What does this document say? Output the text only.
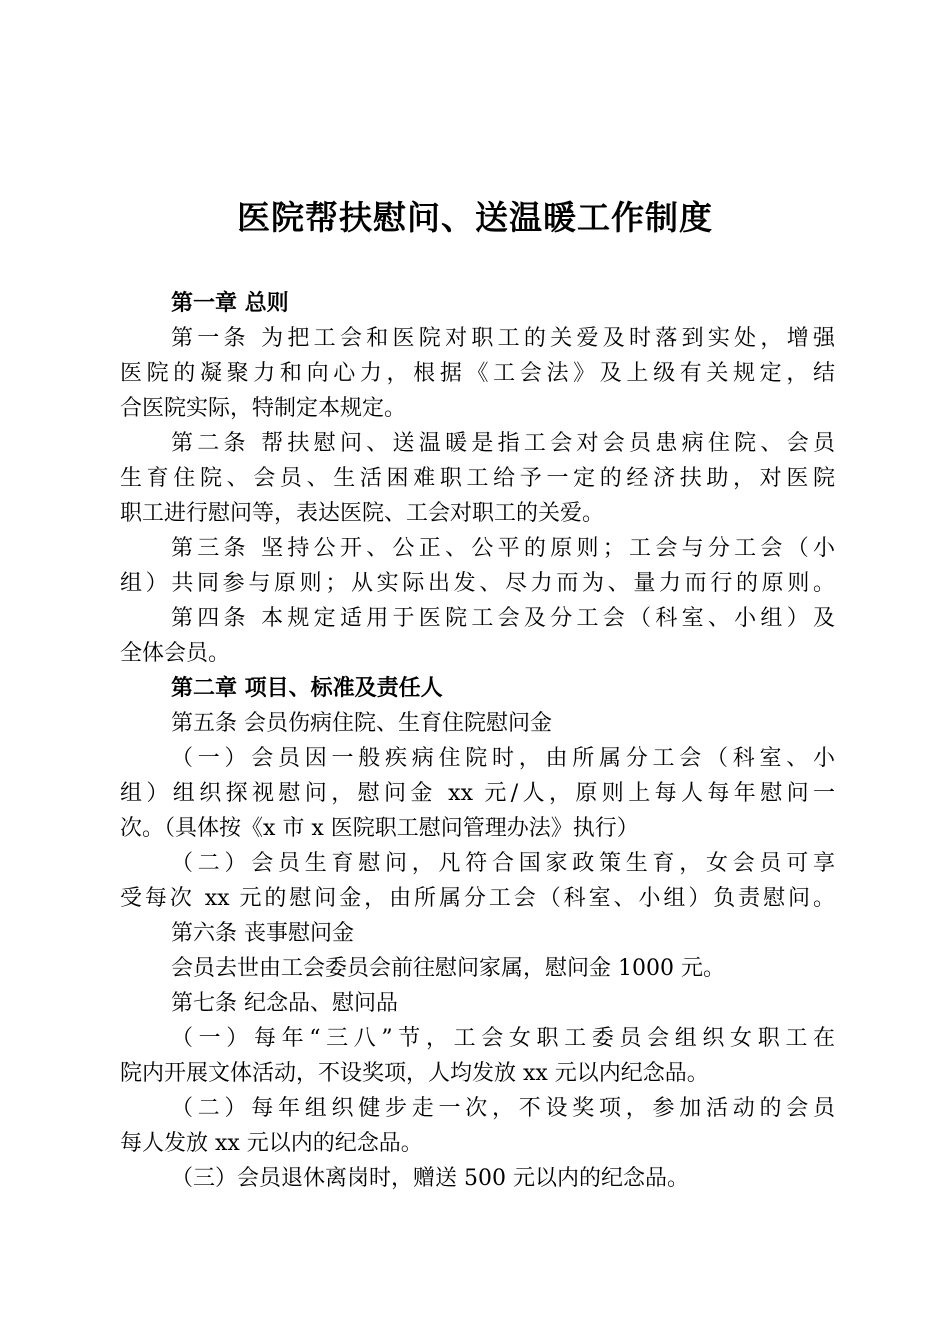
医院帮扶慰问、送温暖工作制度
第一章 总则
第一条 为把工会和医院对职工的关爱及时落到实处，增强
医院的凝聚力和向心力，根据《工会法》及上级有关规定，结
合医院实际，特制定本规定。
第二条 帮扶慰问、送温暖是指工会对会员患病住院、会员
生育住院、会员、生活困难职工给予一定的经济扶助，对医院
职工进行慰问等，表达医院、工会对职工的关爱。
第三条 坚持公开、公正、公平的原则；工会与分工会（小
组）共同参与原则；从实际出发、尽力而为、量力而行的原则。
第四条 本规定适用于医院工会及分工会（科室、小组）及
全体会员。
第二章 项目、标准及责任人
第五条 会员伤病住院、生育住院慰问金
（一）会员因一般疾病住院时，由所属分工会（科室、小
组）组织探视慰问，慰问金 xx 元/人，原则上每人每年慰问一
次。（具体按《x 市 x 医院职工慰问管理办法》执行）
（二）会员生育慰问，凡符合国家政策生育，女会员可享
受每次 xx 元的慰问金，由所属分工会（科室、小组）负责慰问。
第六条 丧事慰问金
会员去世由工会委员会前往慰问家属，慰问金 1000 元。
第七条 纪念品、慰问品
（一）每年“三八”节，工会女职工委员会组织女职工在
院内开展文体活动，不设奖项，人均发放 xx 元以内纪念品。
（二）每年组织健步走一次，不设奖项，参加活动的会员
每人发放 xx 元以内的纪念品。
（三）会员退休离岗时，赠送 500 元以内的纪念品。
